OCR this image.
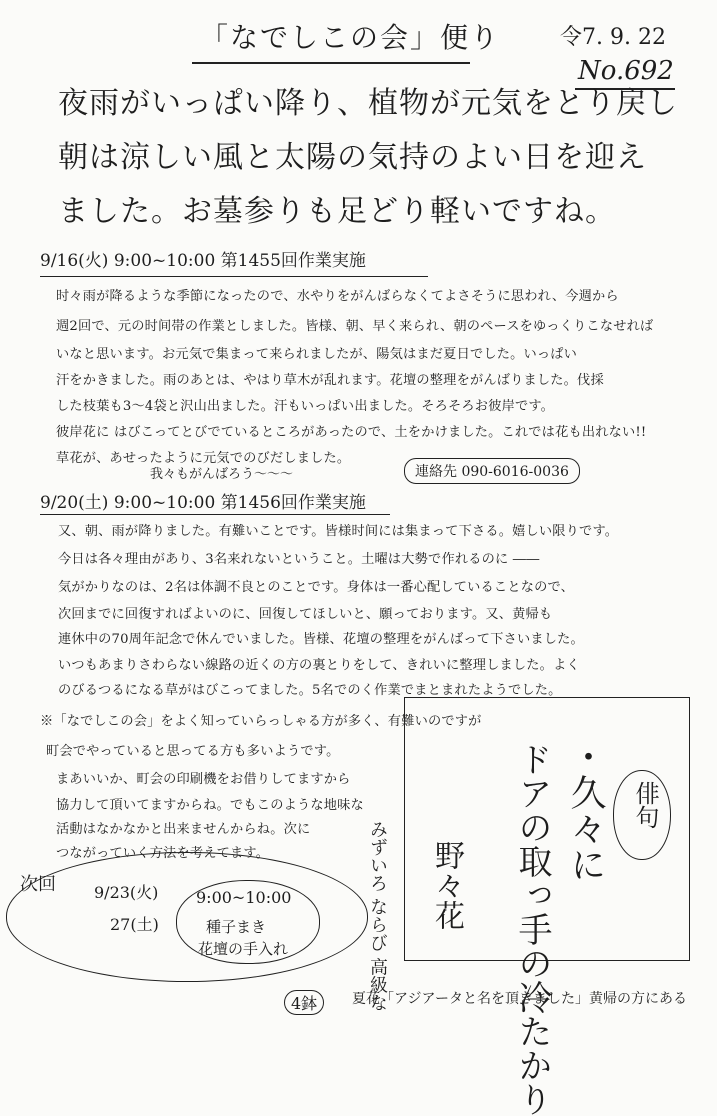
「なでしこの会」便り	令7. 9. 22
No.692
夜雨がいっぱい降り、植物が元気をとり戻し
朝は涼しい風と太陽の気持のよい日を迎え
ました。お墓参りも足どり軽いですね。
9/16(火) 9:00~10:00 第1455回作業実施
时々雨が降るような季節になったので、水やりをがんばらなくてよさそうに思われ、今週から
週2回で、元の时间帯の作業としました。皆様、朝、早く来られ、朝のペースをゆっくりこなせれば
いなと思います。お元気で集まって来られましたが、陽気はまだ夏日でした。いっぱい
汗をかきました。雨のあとは、やはり草木が乱れます。花壇の整理をがんばりました。伐採
した枝葉も3〜4袋と沢山出ました。汗もいっぱい出ました。そろそろお彼岸です。
彼岸花に はびこってとびでているところがあったので、土をかけました。これでは花も出れない!!
草花が、あせったように元気でのびだしました。
我々もがんばろう〜〜〜	連絡先 090-6016-0036
9/20(土) 9:00~10:00 第1456回作業実施
又、朝、雨が降りました。有難いことです。皆様时间には集まって下さる。嬉しい限りです。
今日は各々理由があり、3名来れないということ。土曜は大勢で作れるのに ――
気がかりなのは、2名は体調不良とのことです。身体は一番心配していることなので、
次回までに回復すればよいのに、回復してほしいと、願っております。又、黄帰も
連休中の70周年記念で休んでいました。皆様、花壇の整理をがんばって下さいました。
いつもあまりさわらない線路の近くの方の裏とりをして、きれいに整理しました。よく
のびるつるになる草がはびこってました。5名でのく作業でまとまれたようでした。
※「なでしこの会」をよく知っていらっしゃる方が多く、有難いのですが
町会でやっていると思ってる方も多いようです。
まあいいか、町会の印刷機をお借りしてますから
協力して頂いてますからね。でもこのような地味な
活動はなかなかと出来ませんからね。次に
つながっていく方法を考えてます。
次回 9/23(火)
27(土)
9:00~10:00
種子まき
花壇の手入れ
4鉢	みずいろ ならび 高級な
俳句
・久々に
ドアの取っ手の冷たかり
野々花
夏花「アジアータと名を頂きました」黄帰の方にある
